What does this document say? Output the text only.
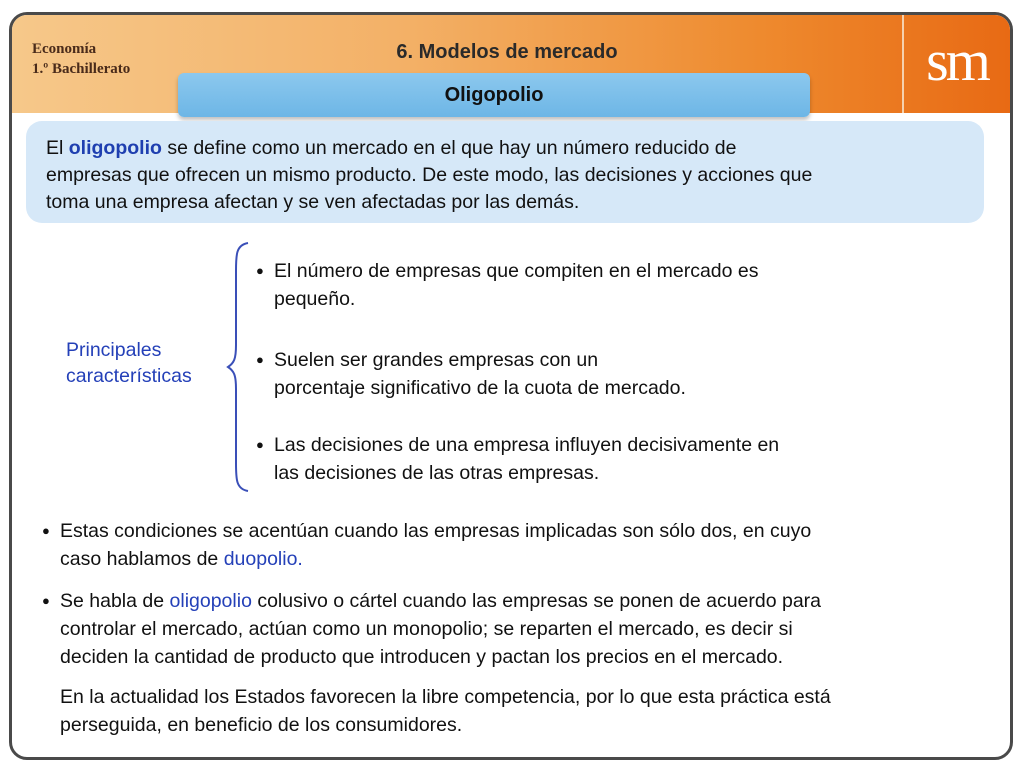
Economía
1.º Bachillerato
6. Modelos de mercado	sm
Oligopolio
El oligopolio se define como un mercado en el que hay un número reducido de
empresas que ofrecen un mismo producto. De este modo, las decisiones y acciones que
toma una empresa afectan y se ven afectadas por las demás.
Principales
características
● El número de empresas que compiten en el mercado es
pequeño.
● Suelen ser grandes empresas con un
porcentaje significativo de la cuota de mercado.
● Las decisiones de una empresa influyen decisivamente en
las decisiones de las otras empresas.
● Estas condiciones se acentúan cuando las empresas implicadas son sólo dos, en cuyo
caso hablamos de duopolio.
● Se habla de oligopolio colusivo o cártel cuando las empresas se ponen de acuerdo para
controlar el mercado, actúan como un monopolio; se reparten el mercado, es decir si
deciden la cantidad de producto que introducen y pactan los precios en el mercado.
En la actualidad los Estados favorecen la libre competencia, por lo que esta práctica está
perseguida, en beneficio de los consumidores.
